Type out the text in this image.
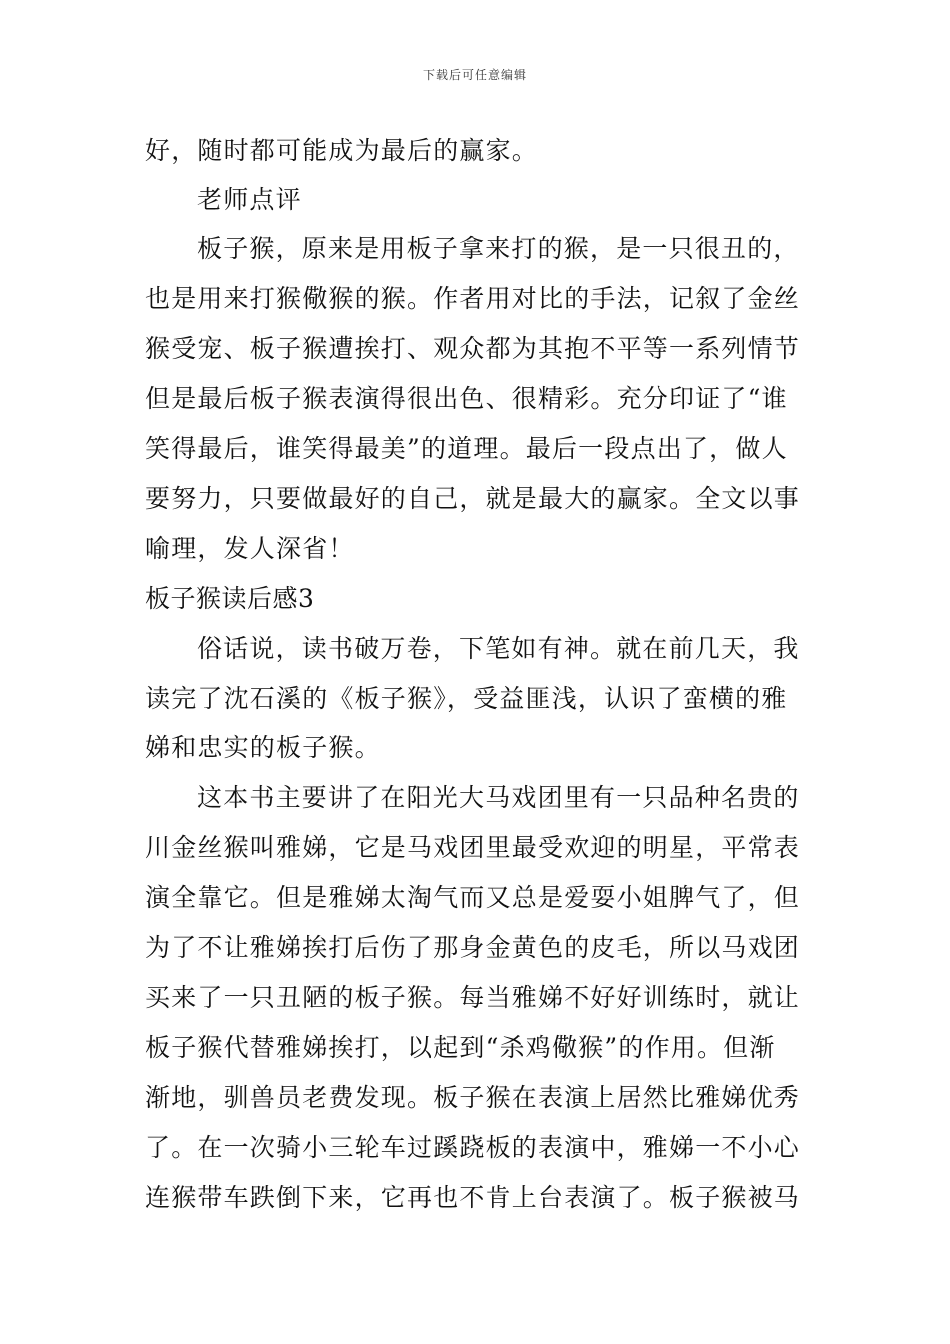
下载后可任意编辑
好，随时都可能成为最后的赢家。
老师点评
板子猴，原来是用板子拿来打的猴，是一只很丑的，
也是用来打猴儆猴的猴。作者用对比的手法，记叙了金丝
猴受宠、板子猴遭挨打、观众都为其抱不平等一系列情节
但是最后板子猴表演得很出色、很精彩。充分印证了“谁
笑得最后，谁笑得最美”的道理。最后一段点出了，做人
要努力，只要做最好的自己，就是最大的赢家。全文以事
喻理，发人深省！
板子猴读后感3
俗话说，读书破万卷，下笔如有神。就在前几天，我
读完了沈石溪的《板子猴》，受益匪浅，认识了蛮横的雅
娣和忠实的板子猴。
这本书主要讲了在阳光大马戏团里有一只品种名贵的
川金丝猴叫雅娣，它是马戏团里最受欢迎的明星，平常表
演全靠它。但是雅娣太淘气而又总是爱耍小姐脾气了，但
为了不让雅娣挨打后伤了那身金黄色的皮毛，所以马戏团
买来了一只丑陋的板子猴。每当雅娣不好好训练时，就让
板子猴代替雅娣挨打，以起到“杀鸡儆猴”的作用。但渐
渐地，驯兽员老费发现。板子猴在表演上居然比雅娣优秀
了。在一次骑小三轮车过蹊跷板的表演中，雅娣一不小心
连猴带车跌倒下来，它再也不肯上台表演了。板子猴被马
